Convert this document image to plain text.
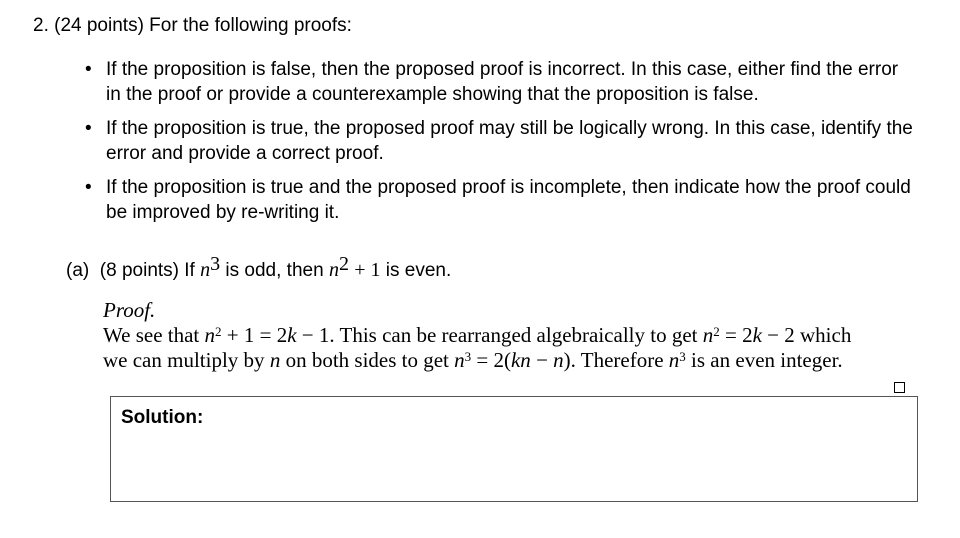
2. (24 points) For the following proofs:
• If the proposition is false, then the proposed proof is incorrect. In this case, either find the error in the proof or provide a counterexample showing that the proposition is false.
• If the proposition is true, the proposed proof may still be logically wrong. In this case, identify the error and provide a correct proof.
• If the proposition is true and the proposed proof is incomplete, then indicate how the proof could be improved by re-writing it.
(a) (8 points) If $n^3$ is odd, then $n^2 + 1$ is even.
Proof.
We see that $n^2 + 1 = 2k - 1$. This can be rearranged algebraically to get $n^2 = 2k - 2$ which
we can multiply by n on both sides to get $n^3 = 2(kn - n)$. Therefore $n^3$ is an even integer.
Solution:
